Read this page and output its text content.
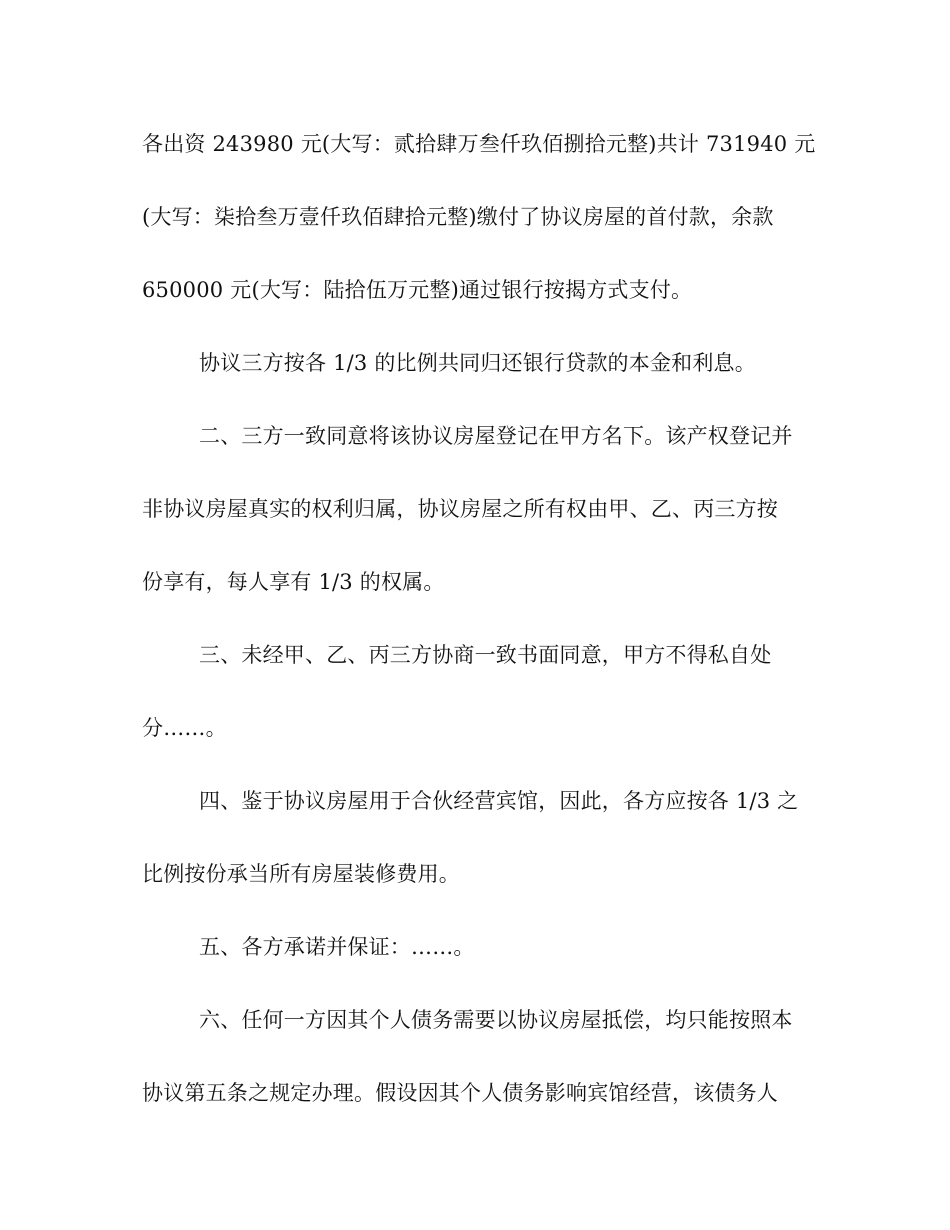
各出资 243980 元(大写：贰拾肆万叁仟玖佰捌拾元整)共计 731940 元
(大写：柒拾叁万壹仟玖佰肆拾元整)缴付了协议房屋的首付款，余款
650000 元(大写：陆拾伍万元整)通过银行按揭方式支付。
协议三方按各 1/3 的比例共同归还银行贷款的本金和利息。
二、三方一致同意将该协议房屋登记在甲方名下。该产权登记并
非协议房屋真实的权利归属，协议房屋之所有权由甲、乙、丙三方按
份享有，每人享有 1/3 的权属。
三、未经甲、乙、丙三方协商一致书面同意，甲方不得私自处
分……。
四、鉴于协议房屋用于合伙经营宾馆，因此，各方应按各 1/3 之
比例按份承当所有房屋装修费用。
五、各方承诺并保证：……。
六、任何一方因其个人债务需要以协议房屋抵偿，均只能按照本
协议第五条之规定办理。假设因其个人债务影响宾馆经营，该债务人
